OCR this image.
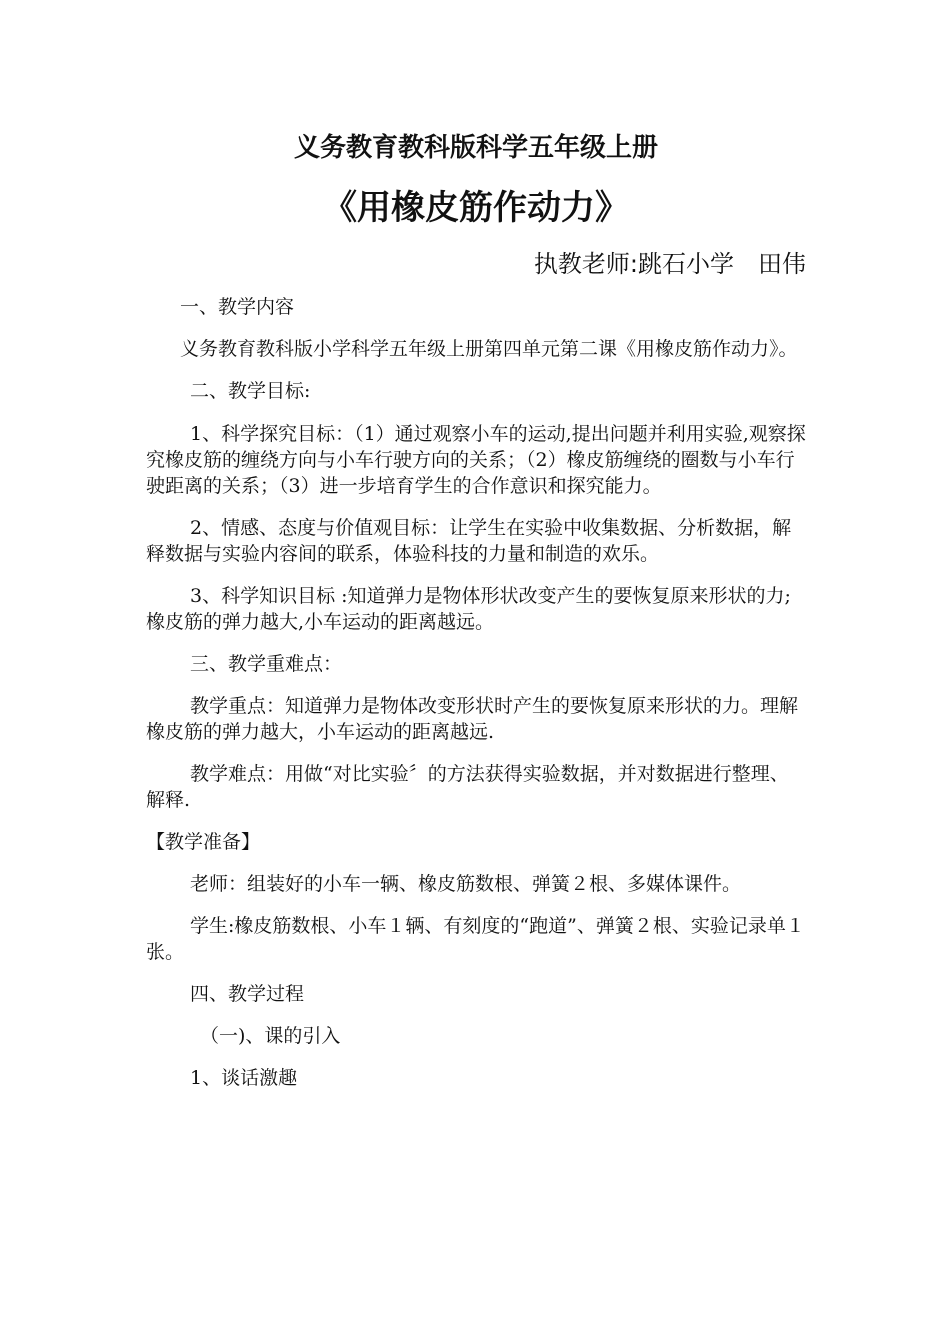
义务教育教科版科学五年级上册
《用橡皮筋作动力》
执教老师:跳石小学　田伟

一、教学内容

义务教育教科版小学科学五年级上册第四单元第二课《用橡皮筋作动力》。

二、教学目标:

1、科学探究目标：（1）通过观察小车的运动,提出问题并利用实验,观察探究橡皮筋的缠绕方向与小车行驶方向的关系；（2）橡皮筋缠绕的圈数与小车行驶距离的关系；（3）进一步培育学生的合作意识和探究能力。

2、情感、态度与价值观目标：让学生在实验中收集数据、分析数据，解释数据与实验内容间的联系，体验科技的力量和制造的欢乐。

3、科学知识目标 :知道弹力是物体形状改变产生的要恢复原来形状的力;橡皮筋的弹力越大,小车运动的距离越远。

三、教学重难点：

教学重点：知道弹力是物体改变形状时产生的要恢复原来形状的力。理解橡皮筋的弹力越大，小车运动的距离越远.

教学难点：用做“对比实验〞的方法获得实验数据，并对数据进行整理、解释.

【教学准备】

老师：组装好的小车一辆、橡皮筋数根、弹簧２根、多媒体课件。

学生:橡皮筋数根、小车１辆、有刻度的“跑道”、弹簧２根、实验记录单１张。

四、教学过程

（一)、课的引入

1、谈话激趣
